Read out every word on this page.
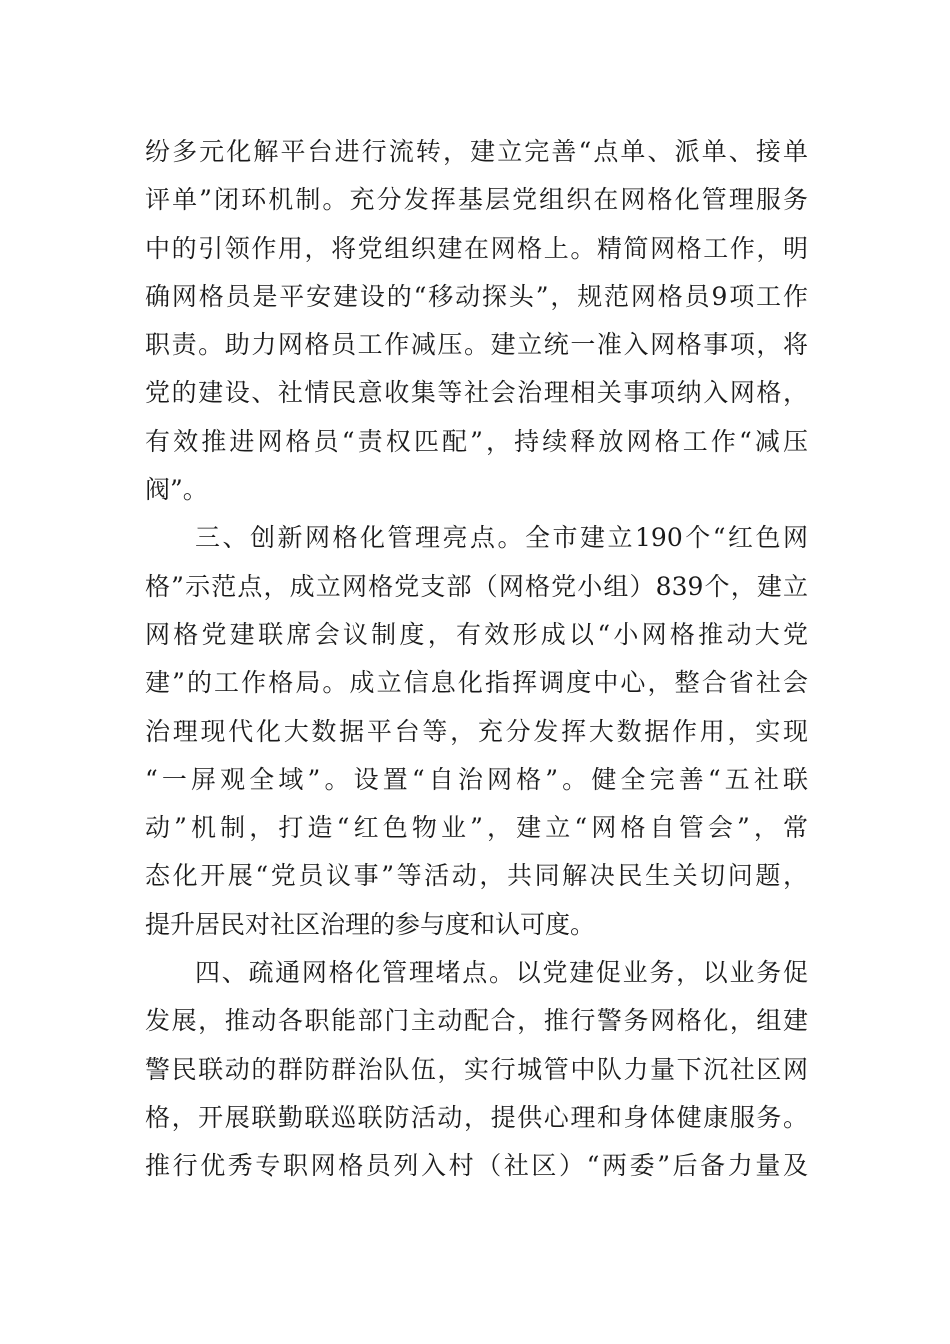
纷多元化解平台进行流转，建立完善“点单、派单、接单
评单”闭环机制。充分发挥基层党组织在网格化管理服务
中的引领作用，将党组织建在网格上。精简网格工作，明
确网格员是平安建设的“移动探头”，规范网格员9项工作
职责。助力网格员工作减压。建立统一准入网格事项，将
党的建设、社情民意收集等社会治理相关事项纳入网格，
有效推进网格员“责权匹配”，持续释放网格工作“减压
阀”。
三、创新网格化管理亮点。全市建立190个“红色网
格”示范点，成立网格党支部（网格党小组）839个，建立
网格党建联席会议制度，有效形成以“小网格推动大党
建”的工作格局。成立信息化指挥调度中心，整合省社会
治理现代化大数据平台等，充分发挥大数据作用，实现
“一屏观全域”。设置“自治网格”。健全完善“五社联
动”机制，打造“红色物业”，建立“网格自管会”，常
态化开展“党员议事”等活动，共同解决民生关切问题，
提升居民对社区治理的参与度和认可度。
四、疏通网格化管理堵点。以党建促业务，以业务促
发展，推动各职能部门主动配合，推行警务网格化，组建
警民联动的群防群治队伍，实行城管中队力量下沉社区网
格，开展联勤联巡联防活动，提供心理和身体健康服务。
推行优秀专职网格员列入村（社区）“两委”后备力量及
